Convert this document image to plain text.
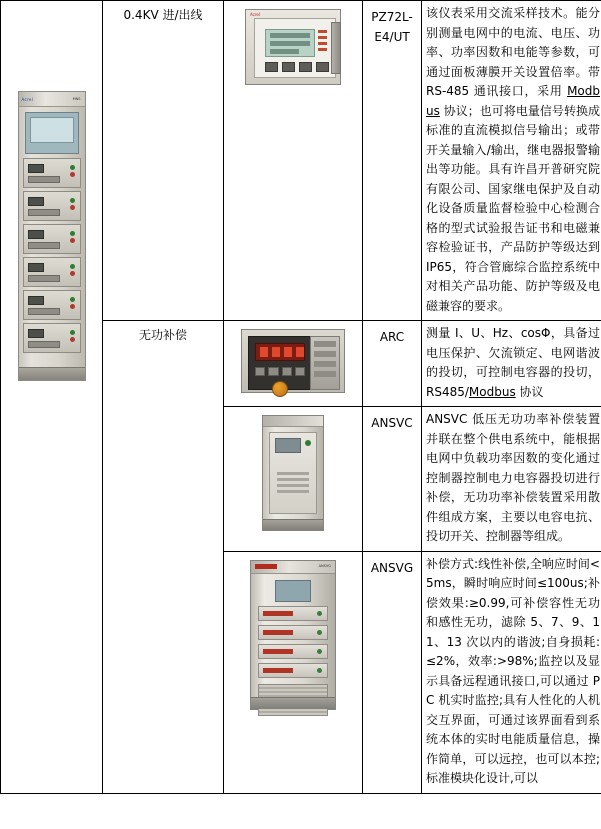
Acrel MNS	0.4KV 进/出线	Acrel	PZ72L-E4/UT	该仪表采用交流采样技术。能分别测量电网中的电流、电压、功率、功率因数和电能等参数，可通过面板薄膜开关设置倍率。带 RS-485 通讯接口，采用 Modbus 协议；也可将电量信号转换成标准的直流模拟信号输出；或带开关量输入/输出，继电器报警输出等功能。具有许昌开普研究院有限公司、国家继电保护及自动化设备质量监督检验中心检测合格的型式试验报告证书和电磁兼容检验证书，产品防护等级达到 IP65，符合管廊综合监控系统中对相关产品功能、防护等级及电磁兼容的要求。

	无功补偿		ARC	测量 I、U、Hz、cosΦ，具备过电压保护、欠流锁定、电网谐波的投切，可控制电容器的投切，RS485/Modbus 协议

			ANSVC	ANSVC 低压无功功率补偿装置并联在整个供电系统中，能根据电网中负载功率因数的变化通过控制器控制电力电容器投切进行补偿，无功功率补偿装置采用散件组成方案，主要以电容电抗、投切开关、控制器等组成。

		ANSVG	ANSVG	补偿方式:线性补偿,全响应时间<5ms，瞬时响应时间≤100us;补偿效果:≥0.99,可补偿容性无功和感性无功，滤除 5、7、9、11、13 次以内的谐波;自身损耗:≤2%，效率:>98%;监控以及显示具备远程通讯接口,可以通过 PC 机实时监控;具有人性化的人机交互界面，可通过该界面看到系统本体的实时电能质量信息，操作简单，可以远控，也可以本控;标准模块化设计,可以
